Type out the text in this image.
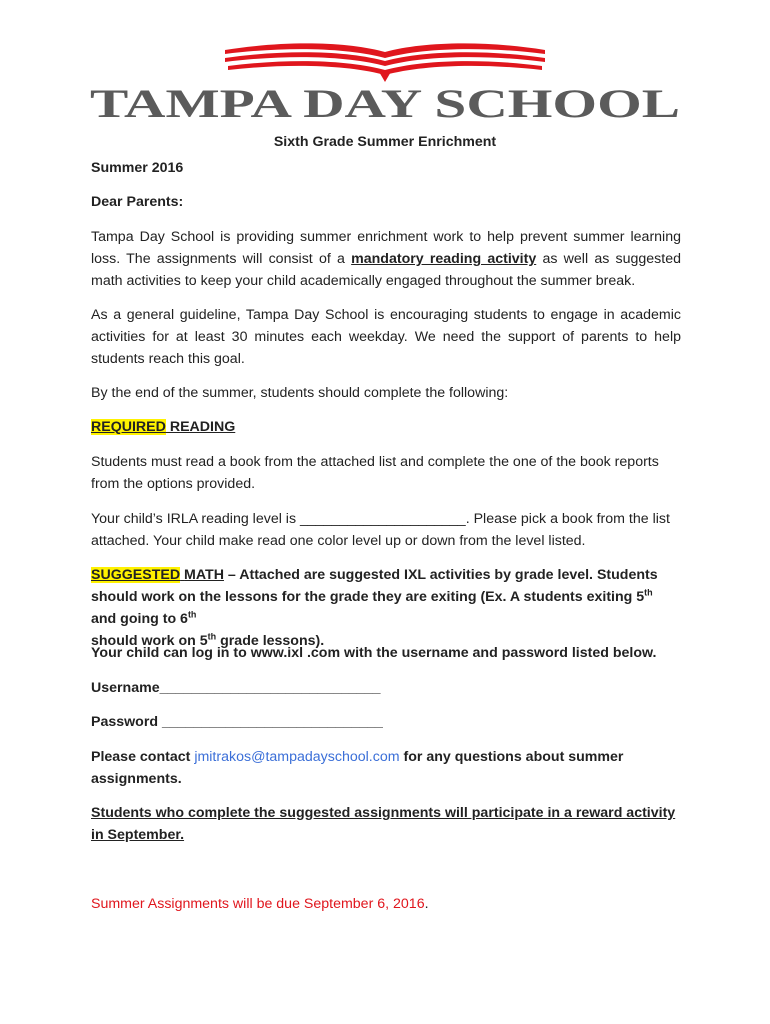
TAMPA DAY SCHOOL
Sixth Grade Summer Enrichment
Summer 2016
Dear Parents:
Tampa Day School is providing summer enrichment work to help prevent summer learning loss. The assignments will consist of a mandatory reading activity as well as suggested math activities to keep your child academically engaged throughout the summer break.
As a general guideline, Tampa Day School is encouraging students to engage in academic activities for at least 30 minutes each weekday. We need the support of parents to help students reach this goal.
By the end of the summer, students should complete the following:
REQUIRED READING
Students must read a book from the attached list and complete the one of the book reports from the options provided.
Your child’s IRLA reading level is _____________________. Please pick a book from the list attached. Your child make read one color level up or down from the level listed.
SUGGESTED MATH – Attached are suggested IXL activities by grade level. Students should work on the lessons for the grade they are exiting (Ex. A students exiting 5th and going to 6th
should work on 5th grade lessons).
Your child can log in to www.ixl .com with the username and password listed below.
Username____________________________
Password ____________________________
Please contact jmitrakos@tampadayschool.com for any questions about summer assignments.
Students who complete the suggested assignments will participate in a reward activity in September.
Summer Assignments will be due September 6, 2016.
